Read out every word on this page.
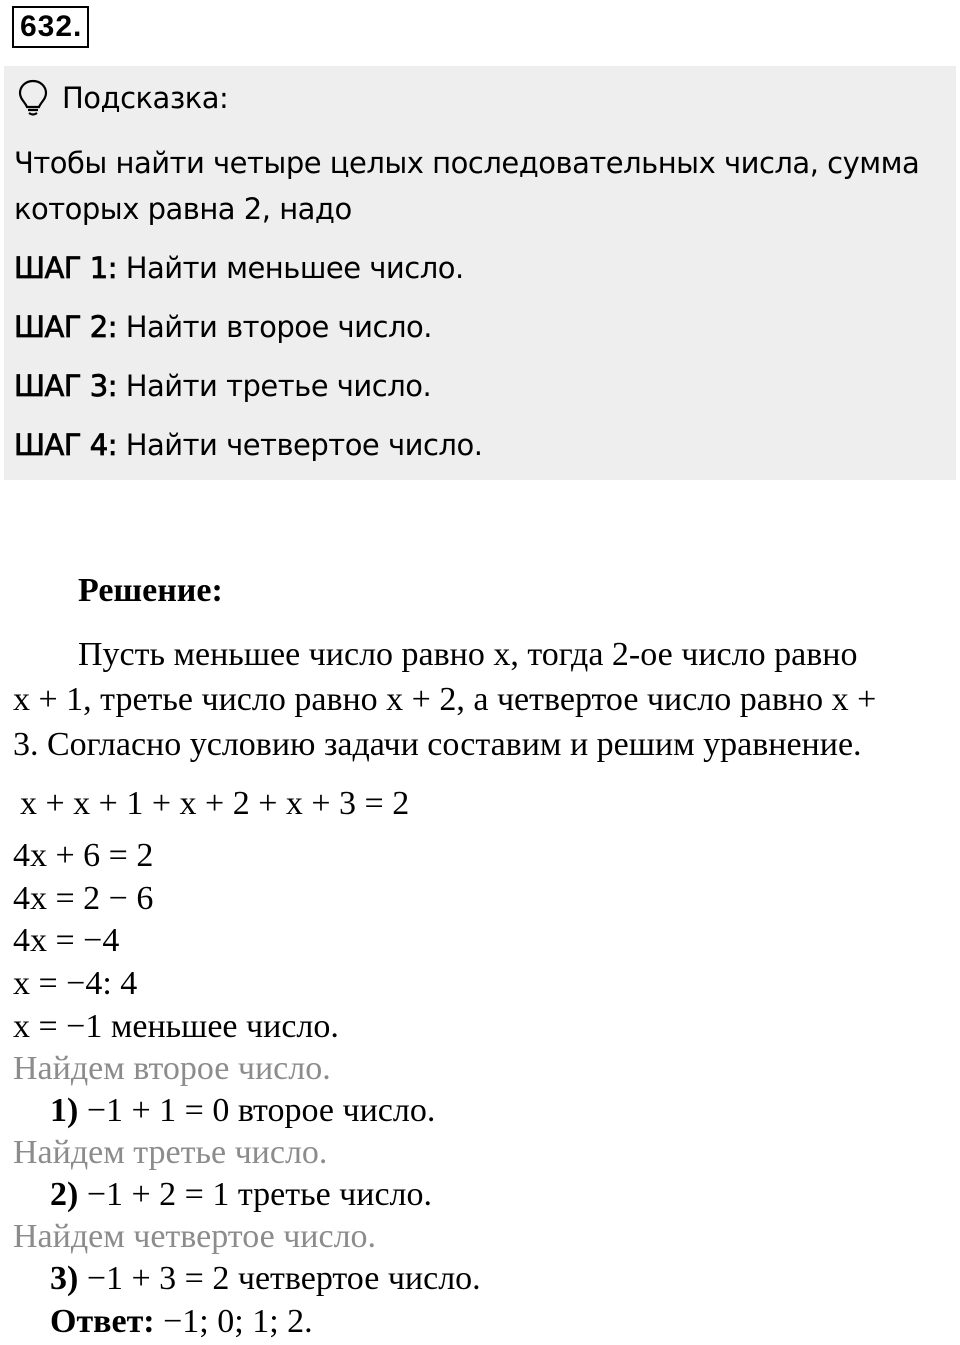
632.
Подсказка:
Чтобы найти четыре целых последовательных числа, сумма
которых равна 2, надо
ШАГ 1: Найти меньшее число.
ШАГ 2: Найти второе число.
ШАГ 3: Найти третье число.
ШАГ 4: Найти четвертое число.
Решение:
Пусть меньшее число равно x, тогда 2-ое число равно
x + 1, третье число равно x + 2, а четвертое число равно x +
3. Согласно условию задачи составим и решим уравнение.
x + x + 1 + x + 2 + x + 3 = 2
4x + 6 = 2
4x = 2 − 6
4x = −4
x = −4: 4
x = −1 меньшее число.
Найдем второе число.
1) −1 + 1 = 0 второе число.
Найдем третье число.
2) −1 + 2 = 1 третье число.
Найдем четвертое число.
3) −1 + 3 = 2 четвертое число.
Ответ: −1; 0; 1; 2.
